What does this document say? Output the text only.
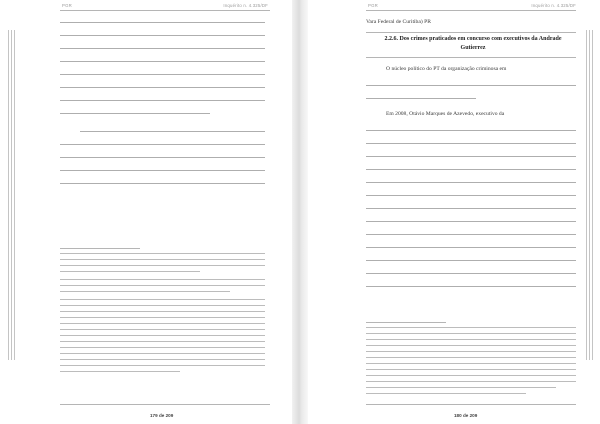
PGR	Inquérito n. 4.325/DF
179 de 209
PGR	Inquérito n. 4.325/DF
Vara Federal de Curitiba) PR
2.2.6. Dos crimes praticados em concurso com executivos da Andrade Gutierrez
O núcleo político do PT da organização criminosa em
Em 2008, Otávio Marques de Azevedo, executivo da
180 de 209
